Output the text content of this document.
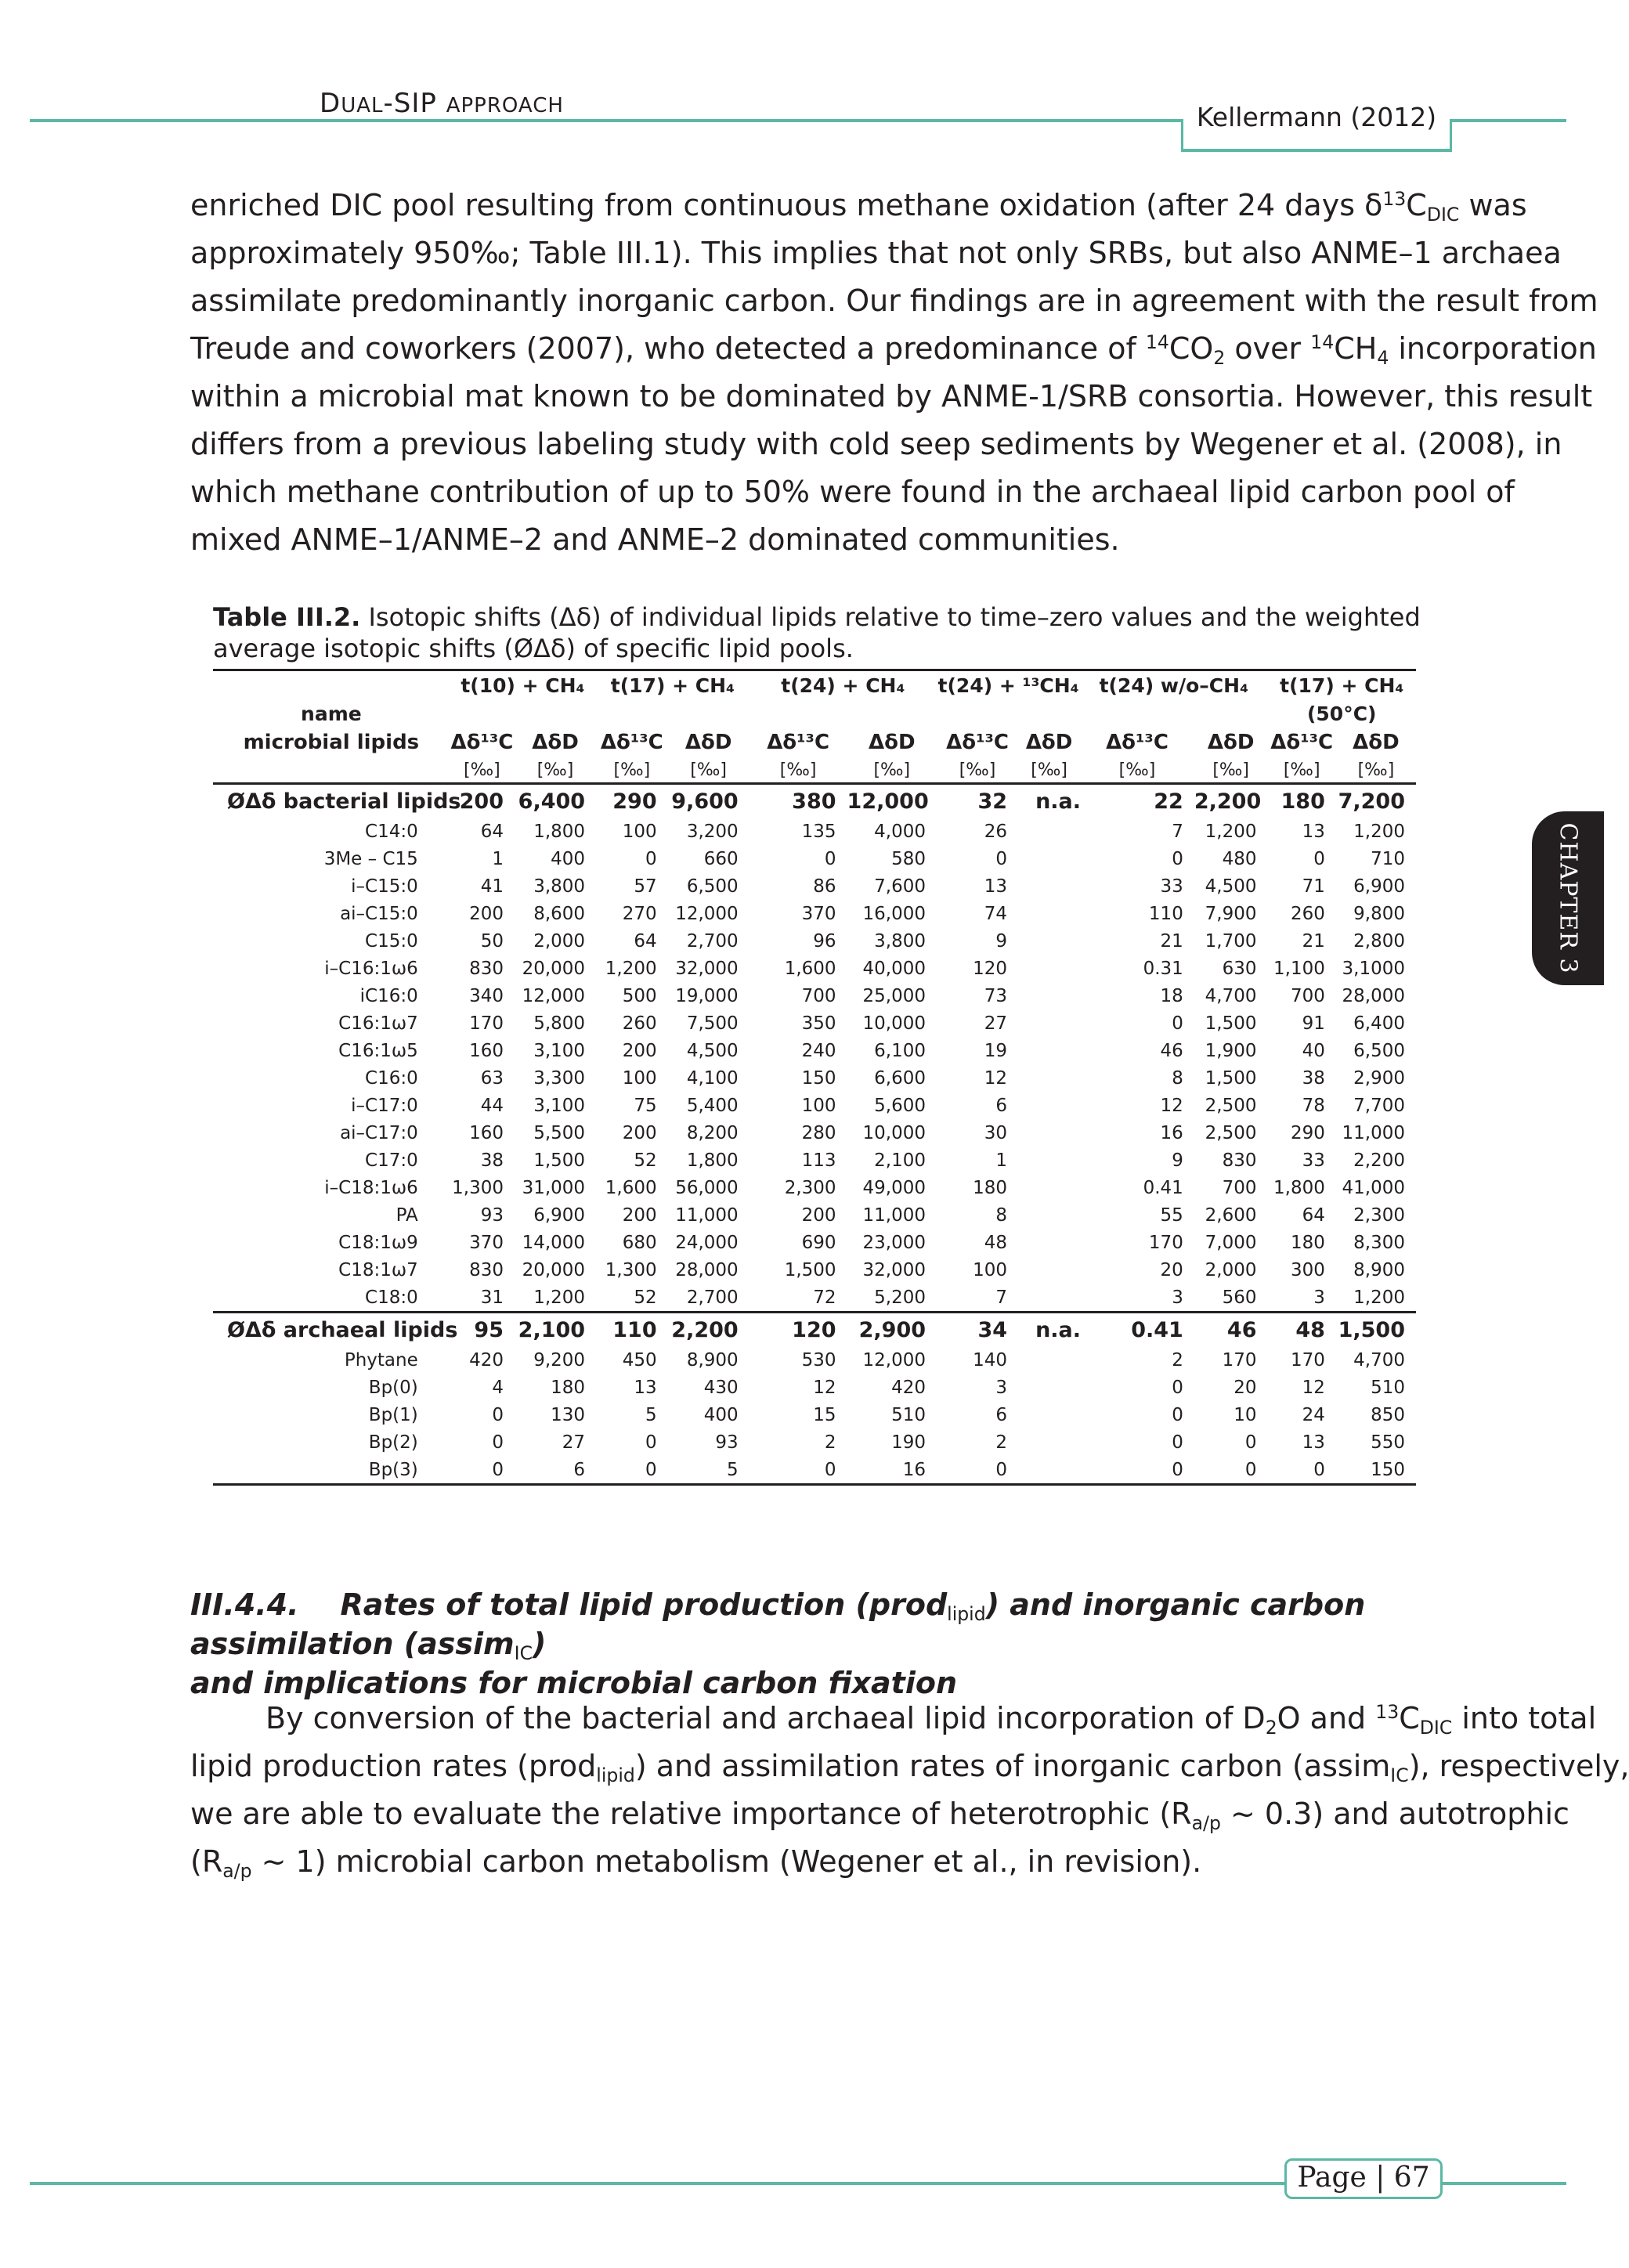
DUAL-SIP APPROACH	Kellermann (2012)
CHAPTER 3
enriched DIC pool resulting from continuous methane oxidation (after 24 days $\delta^{13}C_{DIC}$ was
approximately 950‰; Table III.1). This implies that not only SRBs, but also ANME–1 archaea
assimilate predominantly inorganic carbon. Our findings are in agreement with the result from
Treude and coworkers (2007), who detected a predominance of $^{14}CO_2$ over $^{14}CH_4$ incorporation
within a microbial mat known to be dominated by ANME-1/SRB consortia. However, this result
differs from a previous labeling study with cold seep sediments by Wegener et al. (2008), in
which methane contribution of up to 50% were found in the archaeal lipid carbon pool of
mixed ANME–1/ANME–2 and ANME–2 dominated communities.
Table III.2. Isotopic shifts (Δδ) of individual lipids relative to time–zero values and the weighted average isotopic shifts (ØΔδ) of specific lipid pools.
	t(10) + CH₄		t(17) + CH₄		t(24) + CH₄		t(24) + ¹³CH₄		t(24) w/o–CH₄		t(17) + CH₄	
name											(50°C)	
microbial lipids	Δδ¹³C	ΔδD	Δδ¹³C	ΔδD	Δδ¹³C	ΔδD	Δδ¹³C	ΔδD	Δδ¹³C	ΔδD	Δδ¹³C	ΔδD
	[‰]	[‰]	[‰]	[‰]	[‰]	[‰]	[‰]	[‰]	[‰]	[‰]	[‰]	[‰]
ØΔδ bacterial lipids	200	6,400	290	9,600	380	12,000	32	n.a.	22	2,200	180	7,200
C14:0	64	1,800	100	3,200	135	4,000	26		7	1,200	13	1,200
3Me – C15	1	400	0	660	0	580	0		0	480	0	710
i–C15:0	41	3,800	57	6,500	86	7,600	13		33	4,500	71	6,900
ai–C15:0	200	8,600	270	12,000	370	16,000	74		110	7,900	260	9,800
C15:0	50	2,000	64	2,700	96	3,800	9		21	1,700	21	2,800
i–C16:1ω6	830	20,000	1,200	32,000	1,600	40,000	120		0.31	630	1,100	3,1000
iC16:0	340	12,000	500	19,000	700	25,000	73		18	4,700	700	28,000
C16:1ω7	170	5,800	260	7,500	350	10,000	27		0	1,500	91	6,400
C16:1ω5	160	3,100	200	4,500	240	6,100	19		46	1,900	40	6,500
C16:0	63	3,300	100	4,100	150	6,600	12		8	1,500	38	2,900
i–C17:0	44	3,100	75	5,400	100	5,600	6		12	2,500	78	7,700
ai–C17:0	160	5,500	200	8,200	280	10,000	30		16	2,500	290	11,000
C17:0	38	1,500	52	1,800	113	2,100	1		9	830	33	2,200
i–C18:1ω6	1,300	31,000	1,600	56,000	2,300	49,000	180		0.41	700	1,800	41,000
PA	93	6,900	200	11,000	200	11,000	8		55	2,600	64	2,300
C18:1ω9	370	14,000	680	24,000	690	23,000	48		170	7,000	180	8,300
C18:1ω7	830	20,000	1,300	28,000	1,500	32,000	100		20	2,000	300	8,900
C18:0	31	1,200	52	2,700	72	5,200	7		3	560	3	1,200
ØΔδ archaeal lipids	95	2,100	110	2,200	120	2,900	34	n.a.	0.41	46	48	1,500
Phytane	420	9,200	450	8,900	530	12,000	140		2	170	170	4,700
Bp(0)	4	180	13	430	12	420	3		0	20	12	510
Bp(1)	0	130	5	400	15	510	6		0	10	24	850
Bp(2)	0	27	0	93	2	190	2		0	0	13	550
Bp(3)	0	6	0	5	0	16	0		0	0	0	150
III.4.4. Rates of total lipid production (prod$_{lipid}$) and inorganic carbon assimilation (assim$_{IC}$)
and implications for microbial carbon fixation
By conversion of the bacterial and archaeal lipid incorporation of $D_2O$ and $^{13}C_{DIC}$ into total
lipid production rates (prod$_{lipid}$) and assimilation rates of inorganic carbon (assim$_{IC}$), respectively,
we are able to evaluate the relative importance of heterotrophic ($R_{a/p}$ ~ 0.3) and autotrophic
($R_{a/p}$ ~ 1) microbial carbon metabolism (Wegener et al., in revision).
Page | 67
